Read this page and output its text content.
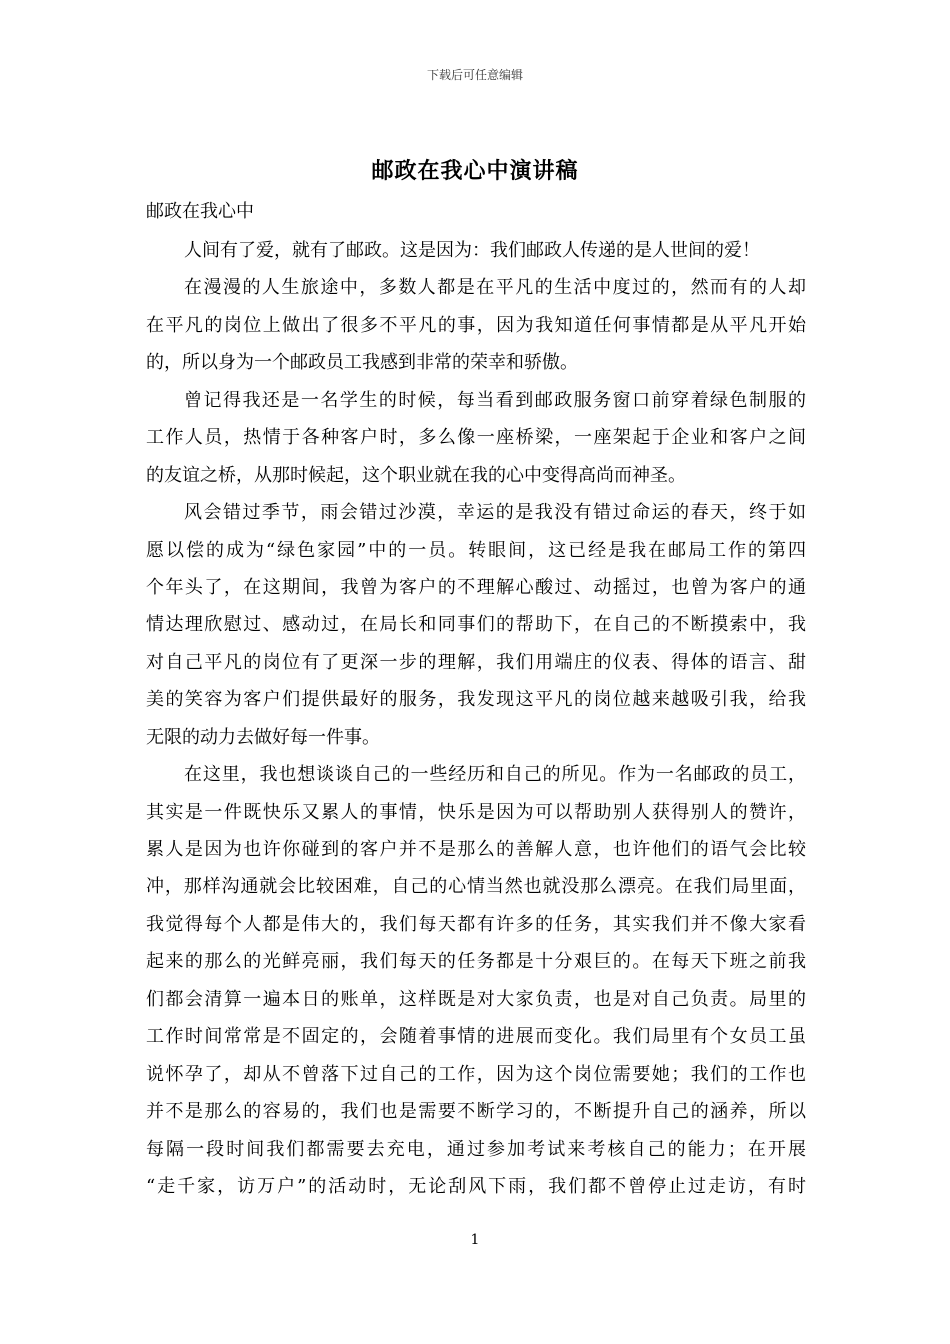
下载后可任意编辑
邮政在我心中演讲稿
邮政在我心中
人间有了爱，就有了邮政。这是因为：我们邮政人传递的是人世间的爱！
在漫漫的人生旅途中，多数人都是在平凡的生活中度过的，然而有的人却
在平凡的岗位上做出了很多不平凡的事，因为我知道任何事情都是从平凡开始
的，所以身为一个邮政员工我感到非常的荣幸和骄傲。
曾记得我还是一名学生的时候，每当看到邮政服务窗口前穿着绿色制服的
工作人员，热情于各种客户时，多么像一座桥梁，一座架起于企业和客户之间
的友谊之桥，从那时候起，这个职业就在我的心中变得高尚而神圣。
风会错过季节，雨会错过沙漠，幸运的是我没有错过命运的春天，终于如
愿以偿的成为“绿色家园”中的一员。转眼间，这已经是我在邮局工作的第四
个年头了，在这期间，我曾为客户的不理解心酸过、动摇过，也曾为客户的通
情达理欣慰过、感动过，在局长和同事们的帮助下，在自己的不断摸索中，我
对自己平凡的岗位有了更深一步的理解，我们用端庄的仪表、得体的语言、甜
美的笑容为客户们提供最好的服务，我发现这平凡的岗位越来越吸引我，给我
无限的动力去做好每一件事。
在这里，我也想谈谈自己的一些经历和自己的所见。作为一名邮政的员工，
其实是一件既快乐又累人的事情，快乐是因为可以帮助别人获得别人的赞许，
累人是因为也许你碰到的客户并不是那么的善解人意，也许他们的语气会比较
冲，那样沟通就会比较困难，自己的心情当然也就没那么漂亮。在我们局里面，
我觉得每个人都是伟大的，我们每天都有许多的任务，其实我们并不像大家看
起来的那么的光鲜亮丽，我们每天的任务都是十分艰巨的。在每天下班之前我
们都会清算一遍本日的账单，这样既是对大家负责，也是对自己负责。局里的
工作时间常常是不固定的，会随着事情的进展而变化。我们局里有个女员工虽
说怀孕了，却从不曾落下过自己的工作，因为这个岗位需要她；我们的工作也
并不是那么的容易的，我们也是需要不断学习的，不断提升自己的涵养，所以
每隔一段时间我们都需要去充电，通过参加考试来考核自己的能力；在开展
“走千家，访万户”的活动时，无论刮风下雨，我们都不曾停止过走访，有时
1
